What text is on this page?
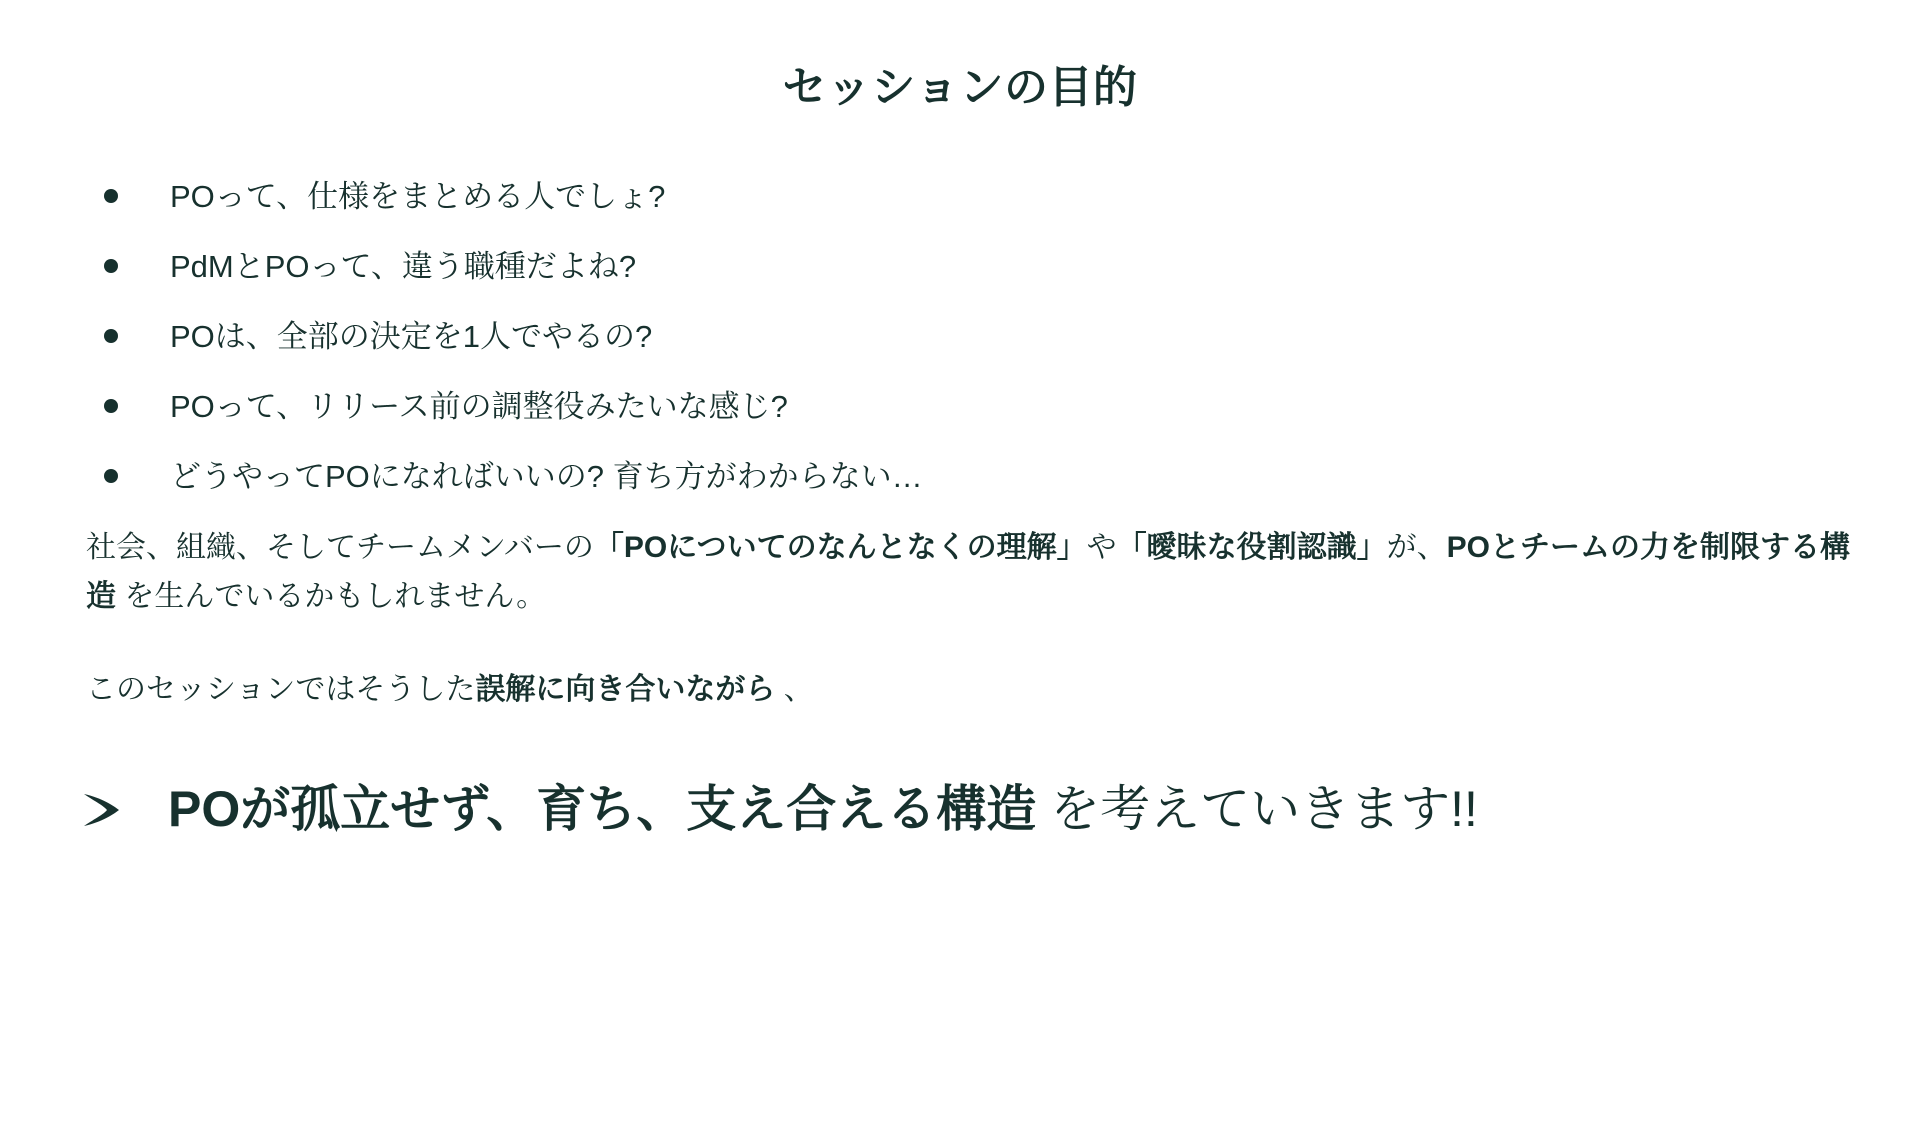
セッションの目的
POって、仕様をまとめる人でしょ?
PdMとPOって、違う職種だよね?
POは、全部の決定を1人でやるの?
POって、リリース前の調整役みたいな感じ?
どうやってPOになればいいの? 育ち方がわからない…

社会、組織、そしてチームメンバーの「POについてのなんとなくの理解」や「曖昧な役割認識」が、POとチームの力を制限する構造 を生んでいるかもしれません。

このセッションではそうした誤解に向き合いながら 、

POが孤立せず、育ち、支え合える構造 を考えていきます!!
